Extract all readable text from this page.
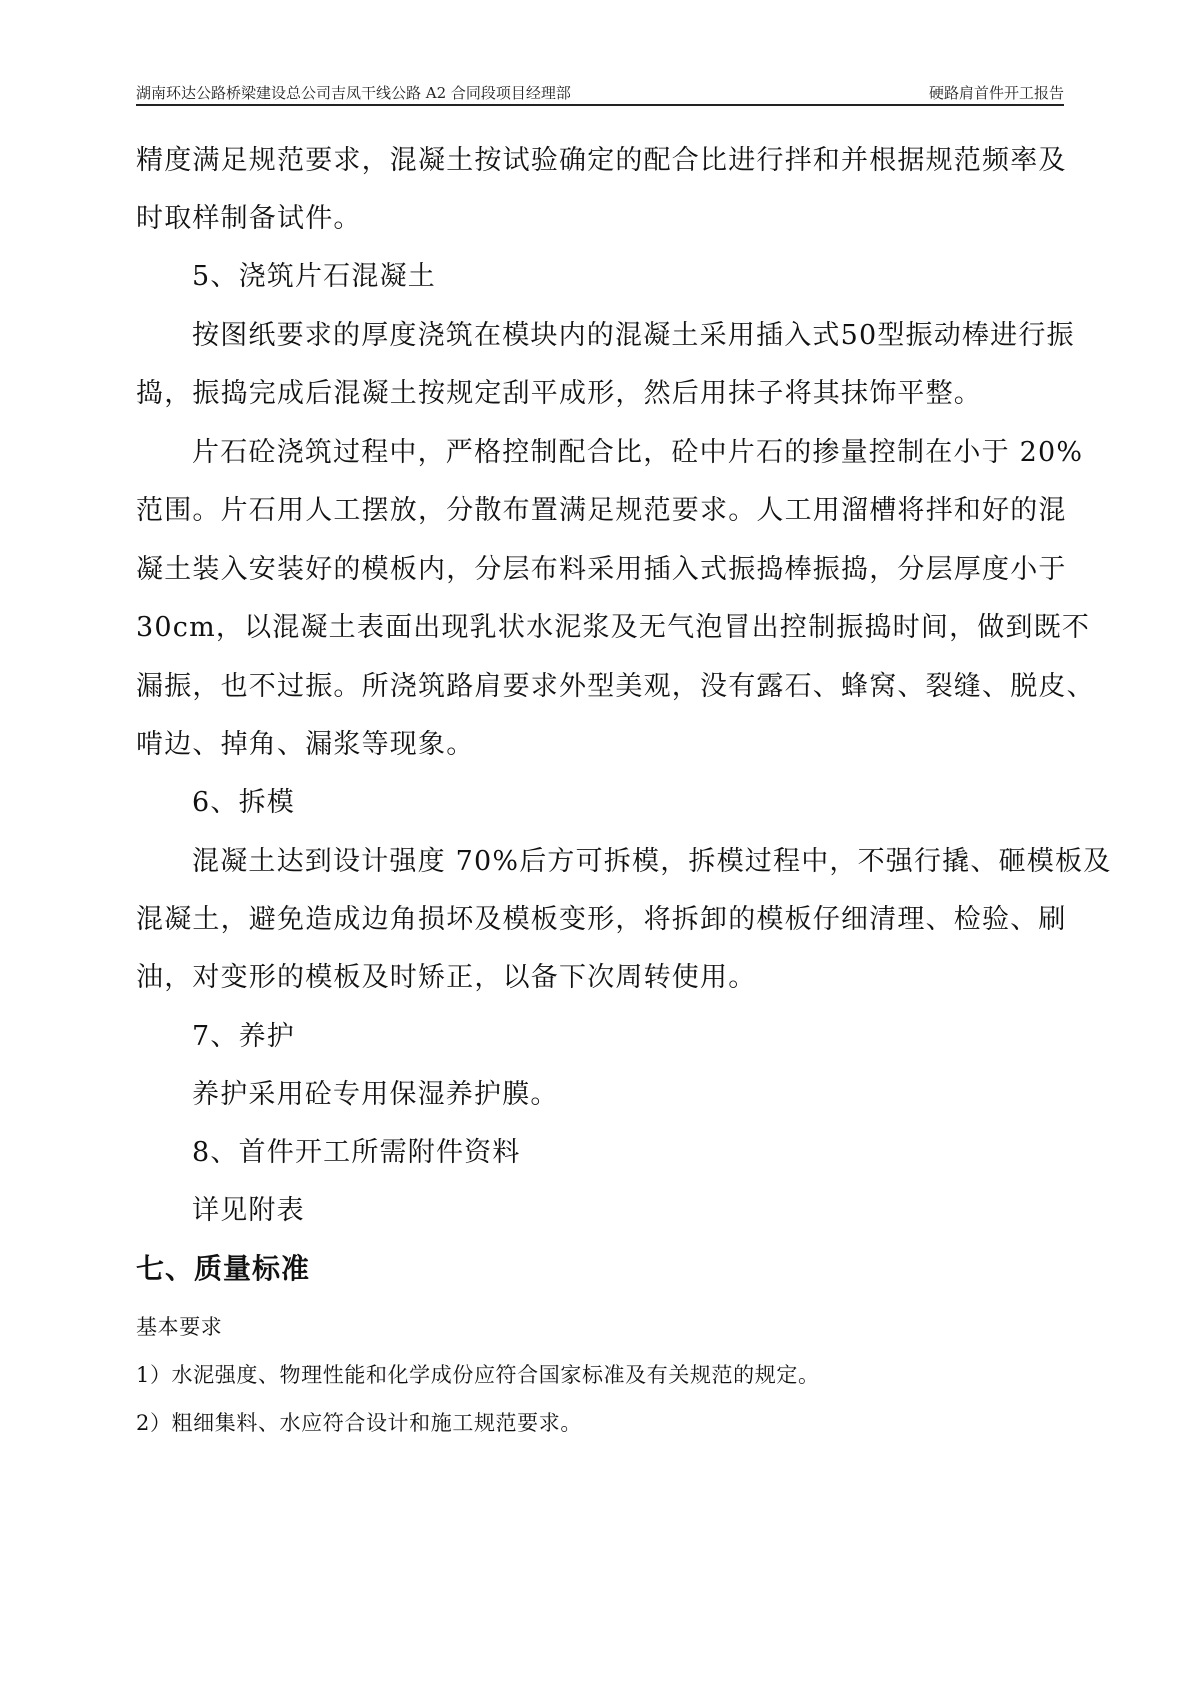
湖南环达公路桥梁建设总公司吉凤干线公路 A2 合同段项目经理部	硬路肩首件开工报告

精度满足规范要求，混凝土按试验确定的配合比进行拌和并根据规范频率及

时取样制备试件。

5、浇筑片石混凝土

按图纸要求的厚度浇筑在模块内的混凝土采用插入式50型振动棒进行振

捣，振捣完成后混凝土按规定刮平成形，然后用抹子将其抹饰平整。

片石砼浇筑过程中，严格控制配合比，砼中片石的掺量控制在小于 20%

范围。片石用人工摆放，分散布置满足规范要求。人工用溜槽将拌和好的混

凝土装入安装好的模板内，分层布料采用插入式振捣棒振捣，分层厚度小于

30cm，以混凝土表面出现乳状水泥浆及无气泡冒出控制振捣时间，做到既不

漏振，也不过振。所浇筑路肩要求外型美观，没有露石、蜂窝、裂缝、脱皮、

啃边、掉角、漏浆等现象。

6、拆模

混凝土达到设计强度 70%后方可拆模，拆模过程中，不强行撬、砸模板及

混凝土，避免造成边角损坏及模板变形，将拆卸的模板仔细清理、检验、刷

油，对变形的模板及时矫正，以备下次周转使用。

7、养护

养护采用砼专用保湿养护膜。

8、首件开工所需附件资料

详见附表

七、质量标准
基本要求
1）水泥强度、物理性能和化学成份应符合国家标准及有关规范的规定。
2）粗细集料、水应符合设计和施工规范要求。
